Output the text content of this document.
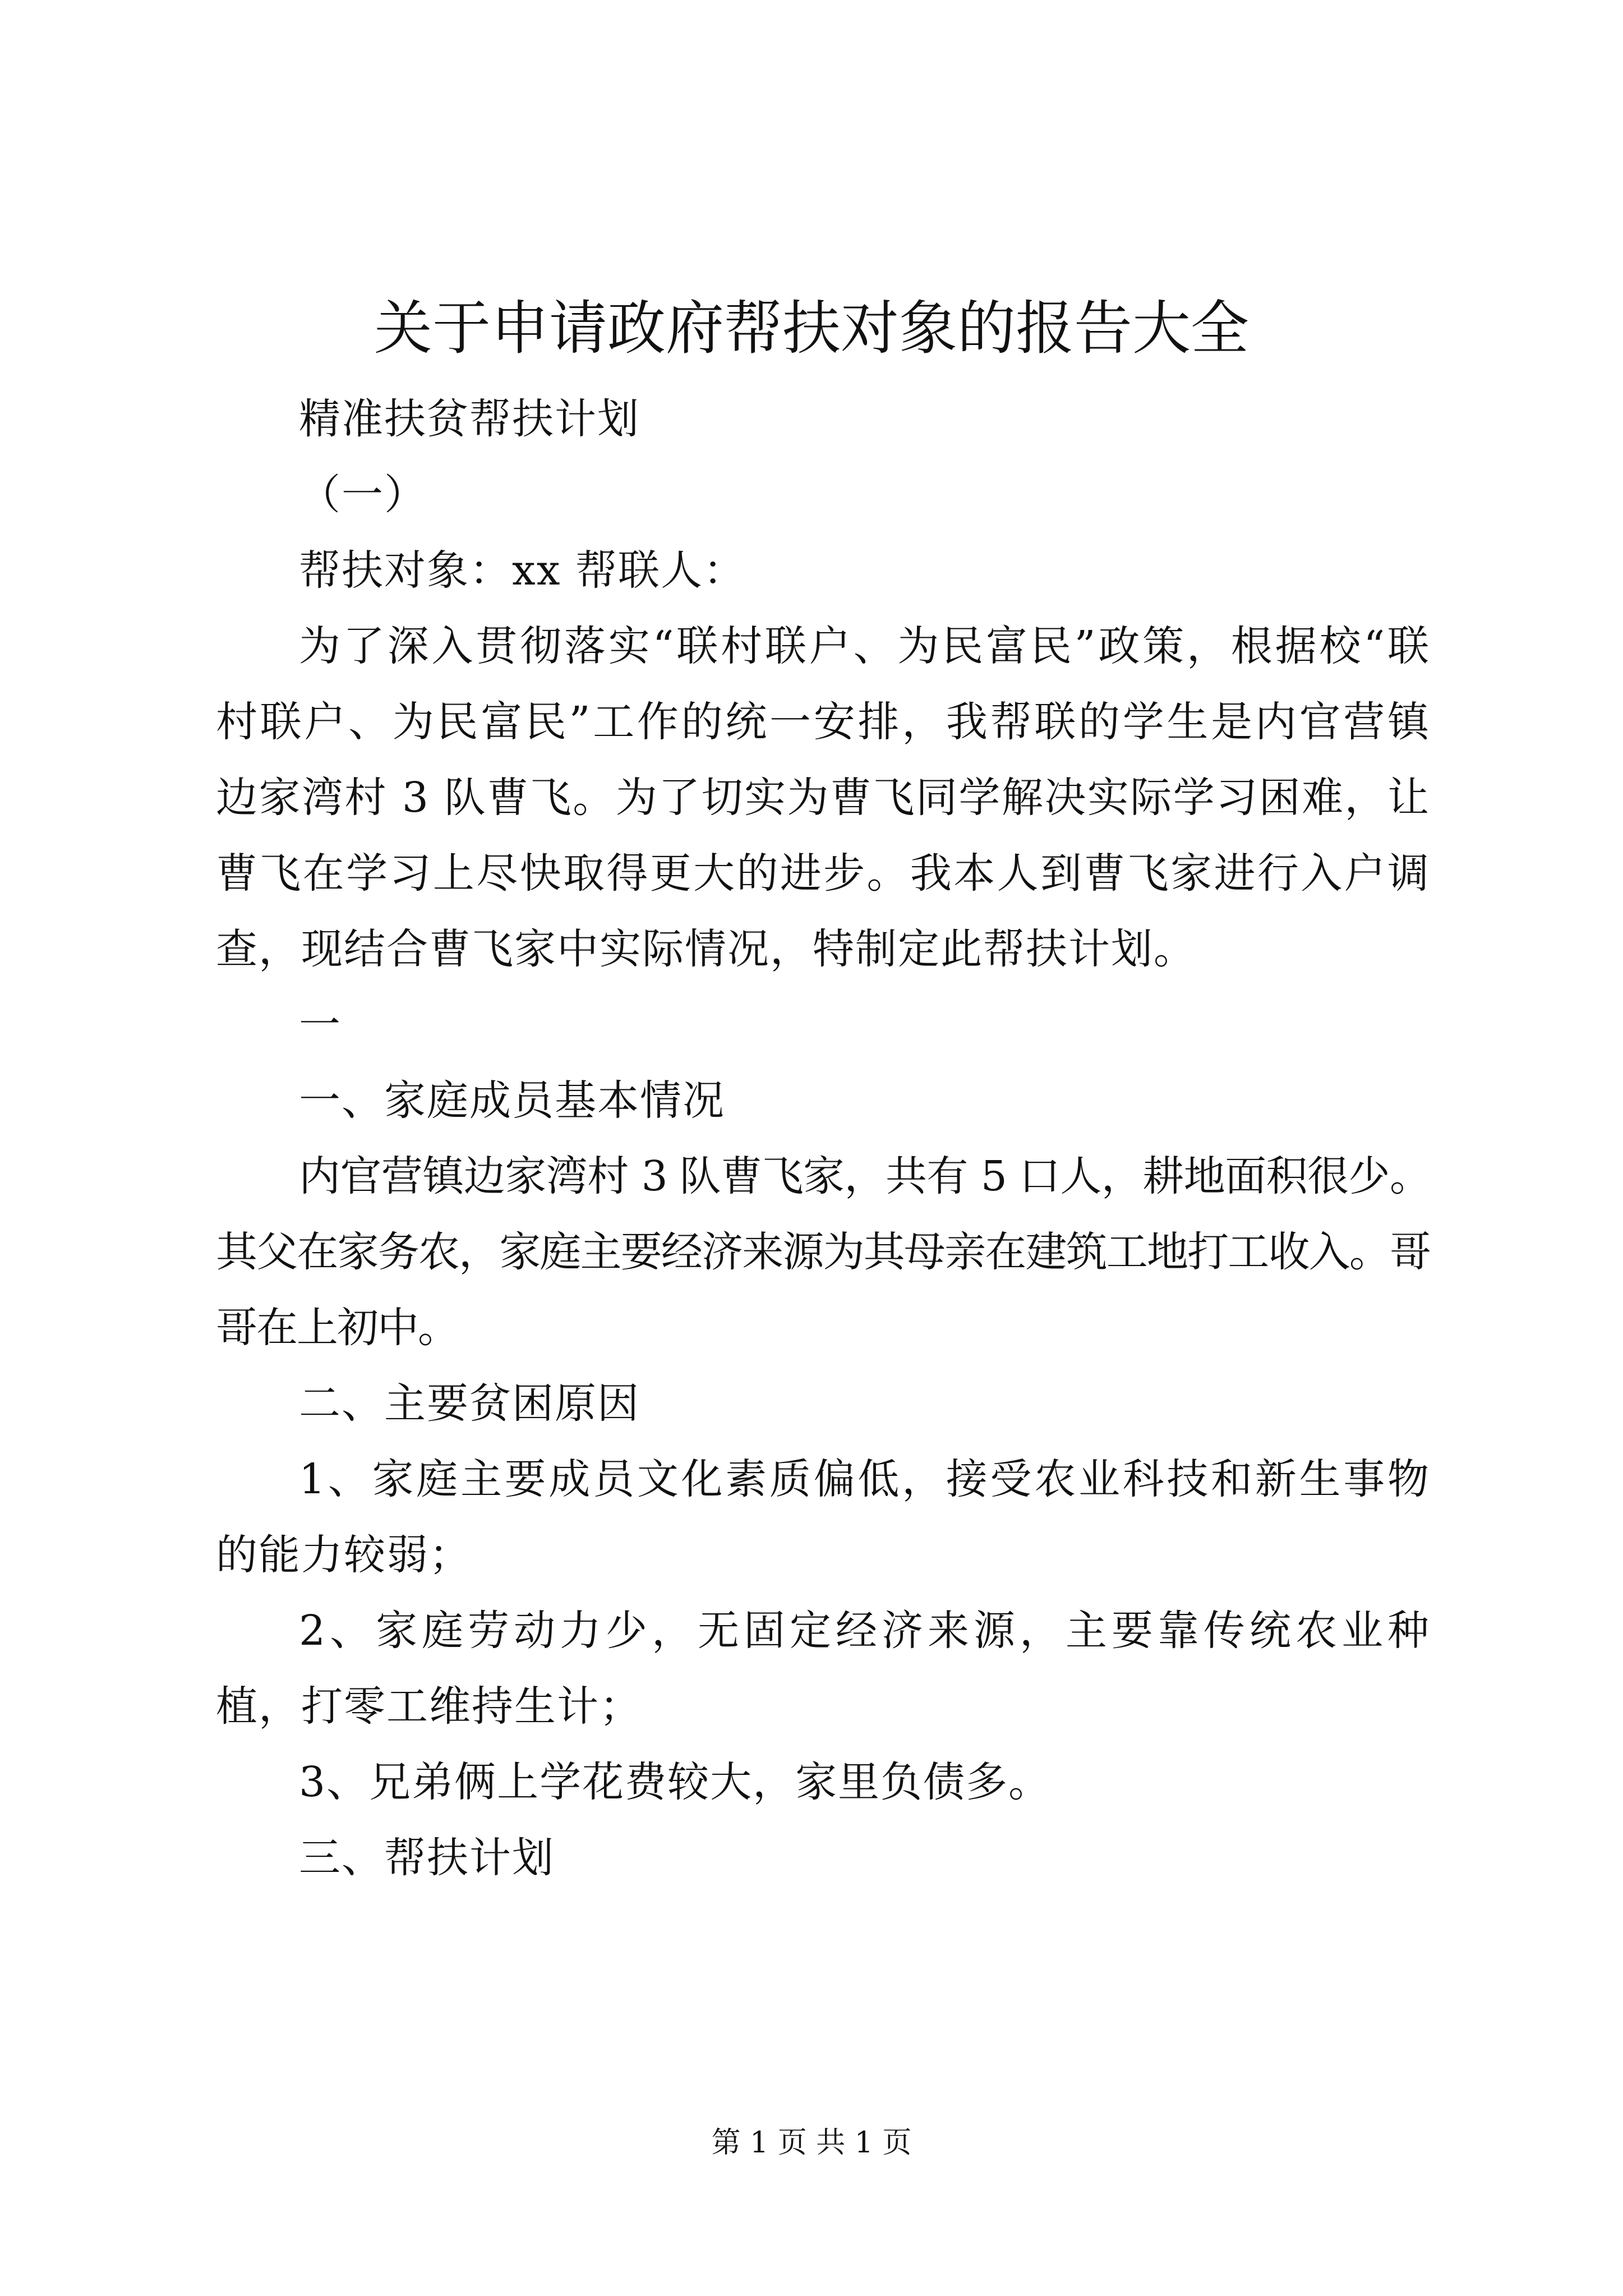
关于申请政府帮扶对象的报告大全

精准扶贫帮扶计划

（一）

帮扶对象：xx 帮联人：

为了深入贯彻落实“联村联户、为民富民”政策，根据校“联村联户、为民富民”工作的统一安排，我帮联的学生是内官营镇边家湾村 3 队曹飞。为了切实为曹飞同学解决实际学习困难，让曹飞在学习上尽快取得更大的进步。我本人到曹飞家进行入户调查，现结合曹飞家中实际情况，特制定此帮扶计划。

一

一、家庭成员基本情况

内官营镇边家湾村 3 队曹飞家，共有 5 口人，耕地面积很少。其父在家务农，家庭主要经济来源为其母亲在建筑工地打工收入。哥哥在上初中。

二、主要贫困原因

1、家庭主要成员文化素质偏低，接受农业科技和新生事物的能力较弱；

2、家庭劳动力少，无固定经济来源，主要靠传统农业种植，打零工维持生计；

3、兄弟俩上学花费较大，家里负债多。

三、帮扶计划

第 1 页 共 1 页
